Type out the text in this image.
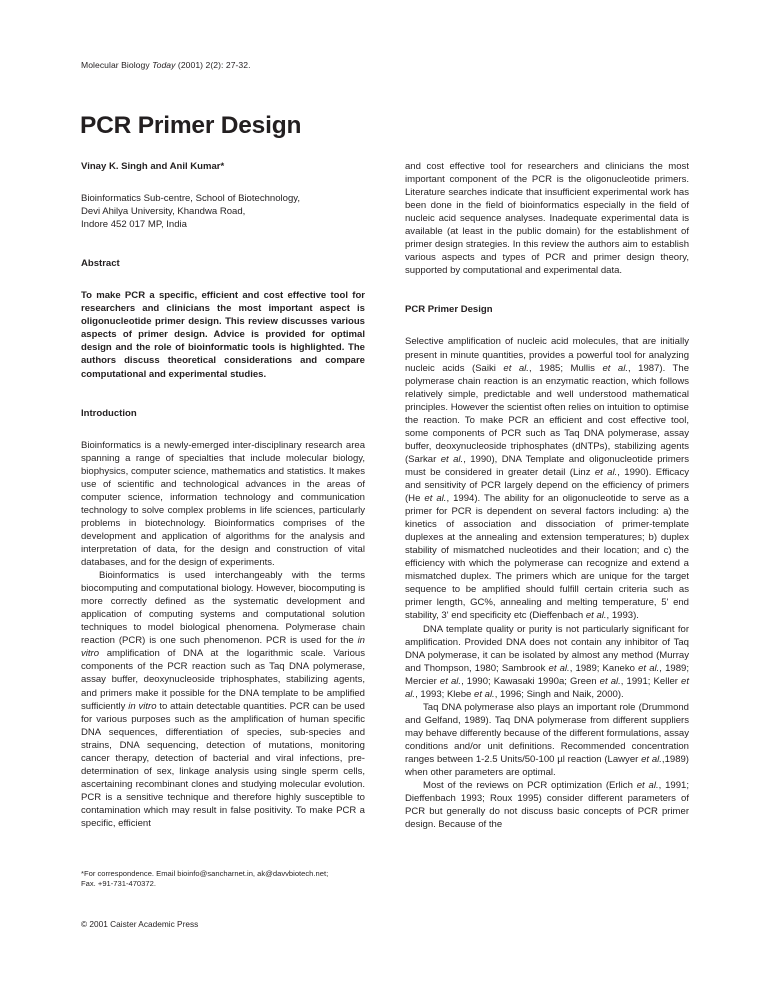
Molecular Biology Today (2001) 2(2): 27-32.
PCR Primer Design
Vinay K. Singh and Anil Kumar*
Bioinformatics Sub-centre, School of Biotechnology,
Devi Ahilya University, Khandwa Road,
Indore 452 017 MP, India
Abstract

To make PCR a specific, efficient and cost effective tool for researchers and clinicians the most important aspect is oligonucleotide primer design. This review discusses various aspects of primer design. Advice is provided for optimal design and the role of bioinformatic tools is highlighted. The authors discuss theoretical considerations and compare computational and experimental studies.

Introduction

Bioinformatics is a newly-emerged inter-disciplinary research area spanning a range of specialties that include molecular biology, biophysics, computer science, mathematics and statistics. It makes use of scientific and technological advances in the areas of computer science, information technology and communication technology to solve complex problems in life sciences, particularly problems in biotechnology. Bioinformatics comprises of the development and application of algorithms for the analysis and interpretation of data, for the design and construction of vital databases, and for the design of experiments.

Bioinformatics is used interchangeably with the terms biocomputing and computational biology. However, biocomputing is more correctly defined as the systematic development and application of computing systems and computational solution techniques to model biological phenomena. Polymerase chain reaction (PCR) is one such phenomenon. PCR is used for the in vitro amplification of DNA at the logarithmic scale. Various components of the PCR reaction such as Taq DNA polymerase, assay buffer, deoxynucleoside triphosphates, stabilizing agents, and primers make it possible for the DNA template to be amplified sufficiently in vitro to attain detectable quantities. PCR can be used for various purposes such as the amplification of human specific DNA sequences, differentiation of species, sub-species and strains, DNA sequencing, detection of mutations, monitoring cancer therapy, detection of bacterial and viral infections, pre-determination of sex, linkage analysis using single sperm cells, ascertaining recombinant clones and studying molecular evolution. PCR is a sensitive technique and therefore highly susceptible to contamination which may result in false positivity. To make PCR a specific, efficient

and cost effective tool for researchers and clinicians the most important component of the PCR is the oligonucleotide primers. Literature searches indicate that insufficient experimental work has been done in the field of bioinformatics especially in the field of nucleic acid sequence analyses. Inadequate experimental data is available (at least in the public domain) for the establishment of primer design strategies. In this review the authors aim to establish various aspects and types of PCR and primer design theory, supported by computational and experimental data.

PCR Primer Design

Selective amplification of nucleic acid molecules, that are initially present in minute quantities, provides a powerful tool for analyzing nucleic acids (Saiki et al., 1985; Mullis et al., 1987). The polymerase chain reaction is an enzymatic reaction, which follows relatively simple, predictable and well understood mathematical principles. However the scientist often relies on intuition to optimise the reaction. To make PCR an efficient and cost effective tool, some components of PCR such as Taq DNA polymerase, assay buffer, deoxynucleoside triphosphates (dNTPs), stabilizing agents (Sarkar et al., 1990), DNA Template and oligonucleotide primers must be considered in greater detail (Linz et al., 1990). Efficacy and sensitivity of PCR largely depend on the efficiency of primers (He et al., 1994). The ability for an oligonucleotide to serve as a primer for PCR is dependent on several factors including: a) the kinetics of association and dissociation of primer-template duplexes at the annealing and extension temperatures; b) duplex stability of mismatched nucleotides and their location; and c) the efficiency with which the polymerase can recognize and extend a mismatched duplex. The primers which are unique for the target sequence to be amplified should fulfill certain criteria such as primer length, GC%, annealing and melting temperature, 5' end stability, 3' end specificity etc (Dieffenbach et al., 1993).

DNA template quality or purity is not particularly significant for amplification. Provided DNA does not contain any inhibitor of Taq DNA polymerase, it can be isolated by almost any method (Murray and Thompson, 1980; Sambrook et al., 1989; Kaneko et al., 1989; Mercier et al., 1990; Kawasaki 1990a; Green et al., 1991; Keller et al., 1993; Klebe et al., 1996; Singh and Naik, 2000).

Taq DNA polymerase also plays an important role (Drummond and Gelfand, 1989). Taq DNA polymerase from different suppliers may behave differently because of the different formulations, assay conditions and/or unit definitions. Recommended concentration ranges between 1-2.5 Units/50-100 µl reaction (Lawyer et al.,1989) when other parameters are optimal.

Most of the reviews on PCR optimization (Erlich et al., 1991; Dieffenbach 1993; Roux 1995) consider different parameters of PCR but generally do not discuss basic concepts of PCR primer design. Because of the

*For correspondence. Email bioinfo@sancharnet.in, ak@davvbiotech.net;
Fax. +91-731-470372.
© 2001 Caister Academic Press
